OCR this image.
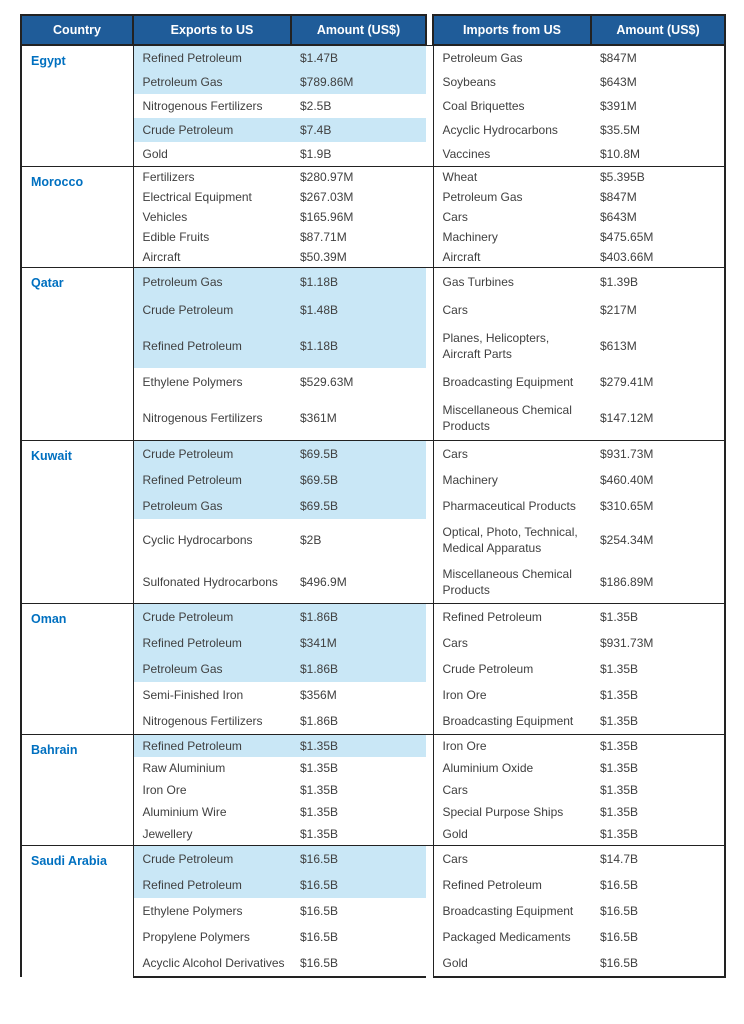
Country	Exports to US	Amount (US$)		Imports from US	Amount (US$)
Egypt	Refined Petroleum	$1.47B		Petroleum Gas	$847M
	Petroleum Gas	$789.86M		Soybeans	$643M
	Nitrogenous Fertilizers	$2.5B		Coal Briquettes	$391M
	Crude Petroleum	$7.4B		Acyclic Hydrocarbons	$35.5M
	Gold	$1.9B		Vaccines	$10.8M
Morocco	Fertilizers	$280.97M		Wheat	$5.395B
	Electrical Equipment	$267.03M		Petroleum Gas	$847M
	Vehicles	$165.96M		Cars	$643M
	Edible Fruits	$87.71M		Machinery	$475.65M
	Aircraft	$50.39M		Aircraft	$403.66M
Qatar	Petroleum Gas	$1.18B		Gas Turbines	$1.39B
	Crude Petroleum	$1.48B		Cars	$217M
	Refined Petroleum	$1.18B		Planes, Helicopters, Aircraft Parts	$613M
	Ethylene Polymers	$529.63M		Broadcasting Equipment	$279.41M
	Nitrogenous Fertilizers	$361M		Miscellaneous Chemical Products	$147.12M
Kuwait	Crude Petroleum	$69.5B		Cars	$931.73M
	Refined Petroleum	$69.5B		Machinery	$460.40M
	Petroleum Gas	$69.5B		Pharmaceutical Products	$310.65M
	Cyclic Hydrocarbons	$2B		Optical, Photo, Technical, Medical Apparatus	$254.34M
	Sulfonated Hydrocarbons	$496.9M		Miscellaneous Chemical Products	$186.89M
Oman	Crude Petroleum	$1.86B		Refined Petroleum	$1.35B
	Refined Petroleum	$341M		Cars	$931.73M
	Petroleum Gas	$1.86B		Crude Petroleum	$1.35B
	Semi-Finished Iron	$356M		Iron Ore	$1.35B
	Nitrogenous Fertilizers	$1.86B		Broadcasting Equipment	$1.35B
Bahrain	Refined Petroleum	$1.35B		Iron Ore	$1.35B
	Raw Aluminium	$1.35B		Aluminium Oxide	$1.35B
	Iron Ore	$1.35B		Cars	$1.35B
	Aluminium Wire	$1.35B		Special Purpose Ships	$1.35B
	Jewellery	$1.35B		Gold	$1.35B
Saudi Arabia	Crude Petroleum	$16.5B		Cars	$14.7B
	Refined Petroleum	$16.5B		Refined Petroleum	$16.5B
	Ethylene Polymers	$16.5B		Broadcasting Equipment	$16.5B
	Propylene Polymers	$16.5B		Packaged Medicaments	$16.5B
	Acyclic Alcohol Derivatives	$16.5B		Gold	$16.5B
